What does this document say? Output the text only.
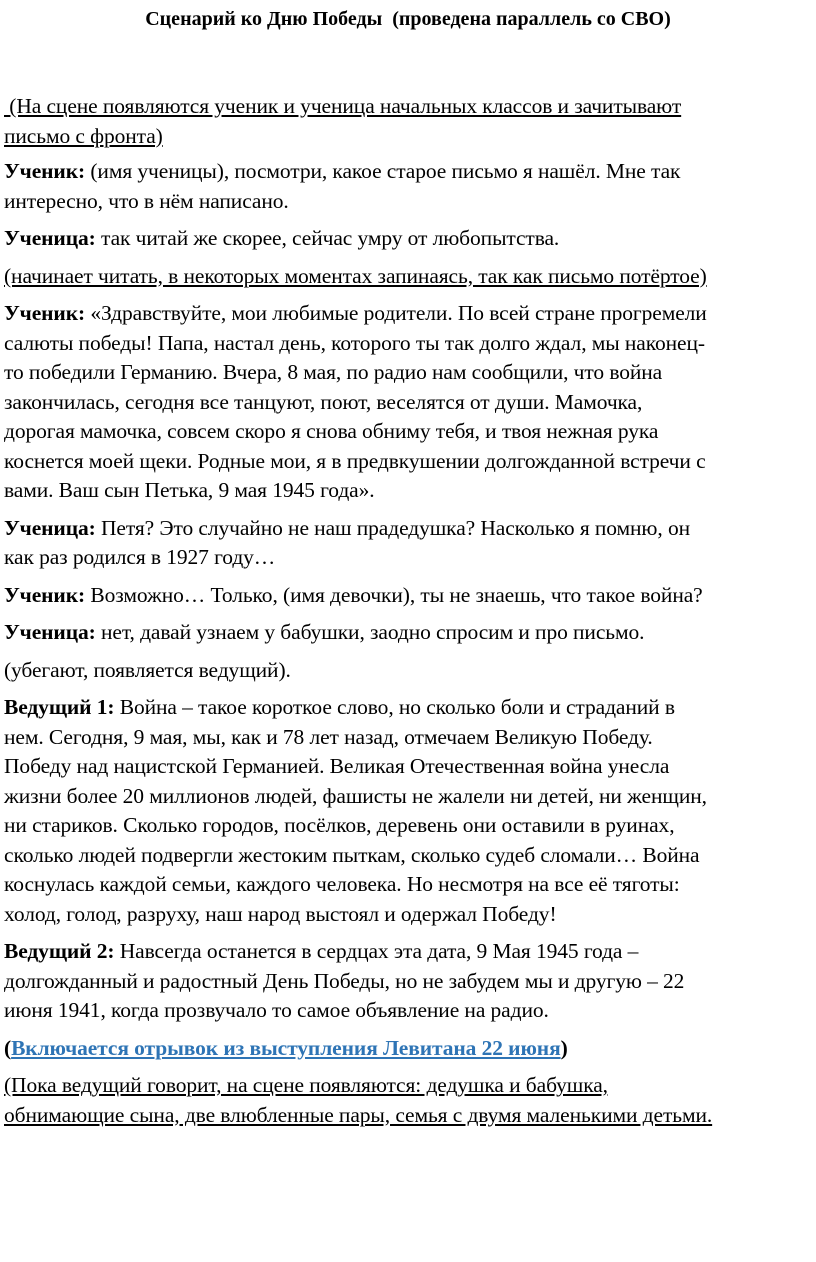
Сценарий ко Дню Победы  (проведена параллель со СВО)

(На сцене появляются ученик и ученица начальных классов и зачитывают
письмо с фронта)

Ученик: (имя ученицы), посмотри, какое старое письмо я нашёл. Мне так
интересно, что в нём написано.

Ученица: так читай же скорее, сейчас умру от любопытства.

(начинает читать, в некоторых моментах запинаясь, так как письмо потёртое)

Ученик: «Здравствуйте, мои любимые родители. По всей стране прогремели
салюты победы! Папа, настал день, которого ты так долго ждал, мы наконец-
то победили Германию. Вчера, 8 мая, по радио нам сообщили, что война
закончилась, сегодня все танцуют, поют, веселятся от души. Мамочка,
дорогая мамочка, совсем скоро я снова обниму тебя, и твоя нежная рука
коснется моей щеки. Родные мои, я в предвкушении долгожданной встречи с
вами. Ваш сын Петька, 9 мая 1945 года».

Ученица: Петя? Это случайно не наш прадедушка? Насколько я помню, он
как раз родился в 1927 году…

Ученик: Возможно… Только, (имя девочки), ты не знаешь, что такое война?

Ученица: нет, давай узнаем у бабушки, заодно спросим и про письмо.

(убегают, появляется ведущий).

Ведущий 1: Война – такое короткое слово, но сколько боли и страданий в
нем. Сегодня, 9 мая, мы, как и 78 лет назад, отмечаем Великую Победу.
Победу над нацистской Германией. Великая Отечественная война унесла
жизни более 20 миллионов людей, фашисты не жалели ни детей, ни женщин,
ни стариков. Сколько городов, посёлков, деревень они оставили в руинах,
сколько людей подвергли жестоким пыткам, сколько судеб сломали… Война
коснулась каждой семьи, каждого человека. Но несмотря на все её тяготы:
холод, голод, разруху, наш народ выстоял и одержал Победу!

Ведущий 2: Навсегда останется в сердцах эта дата, 9 Мая 1945 года –
долгожданный и радостный День Победы, но не забудем мы и другую – 22
июня 1941, когда прозвучало то самое объявление на радио.

(Включается отрывок из выступления Левитана 22 июня)

(Пока ведущий говорит, на сцене появляются: дедушка и бабушка,
обнимающие сына, две влюбленные пары, семья с двумя маленькими детьми.
